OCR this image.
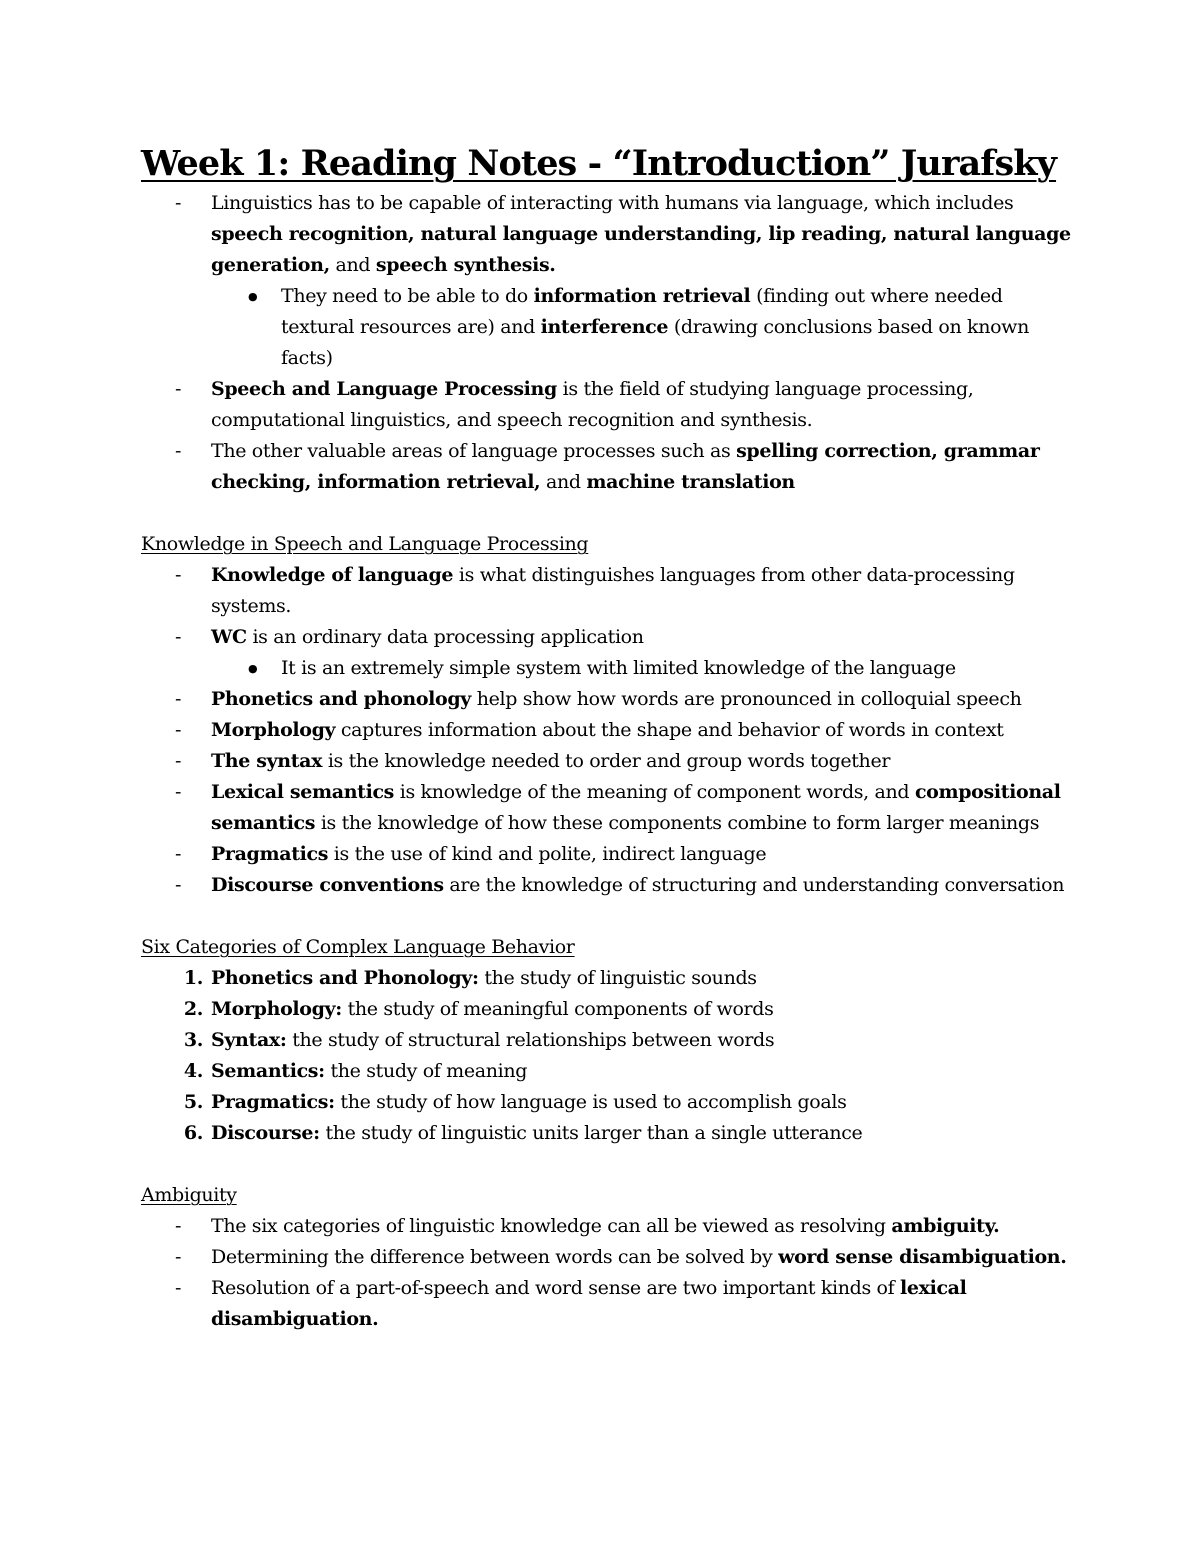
Week 1: Reading Notes - “Introduction” Jurafsky
- Linguistics has to be capable of interacting with humans via language, which includes speech recognition, natural language understanding, lip reading, natural language generation, and speech synthesis.
● They need to be able to do information retrieval (finding out where needed textural resources are) and interference (drawing conclusions based on known facts)
- Speech and Language Processing is the field of studying language processing, computational linguistics, and speech recognition and synthesis.
- The other valuable areas of language processes such as spelling correction, grammar checking, information retrieval, and machine translation
Knowledge in Speech and Language Processing
- Knowledge of language is what distinguishes languages from other data-processing systems.
- WC is an ordinary data processing application
● It is an extremely simple system with limited knowledge of the language
- Phonetics and phonology help show how words are pronounced in colloquial speech
- Morphology captures information about the shape and behavior of words in context
- The syntax is the knowledge needed to order and group words together
- Lexical semantics is knowledge of the meaning of component words, and compositional semantics is the knowledge of how these components combine to form larger meanings
- Pragmatics is the use of kind and polite, indirect language
- Discourse conventions are the knowledge of structuring and understanding conversation
Six Categories of Complex Language Behavior
1. Phonetics and Phonology: the study of linguistic sounds
2. Morphology: the study of meaningful components of words
3. Syntax: the study of structural relationships between words
4. Semantics: the study of meaning
5. Pragmatics: the study of how language is used to accomplish goals
6. Discourse: the study of linguistic units larger than a single utterance
Ambiguity
- The six categories of linguistic knowledge can all be viewed as resolving ambiguity.
- Determining the difference between words can be solved by word sense disambiguation.
- Resolution of a part-of-speech and word sense are two important kinds of lexical disambiguation.
